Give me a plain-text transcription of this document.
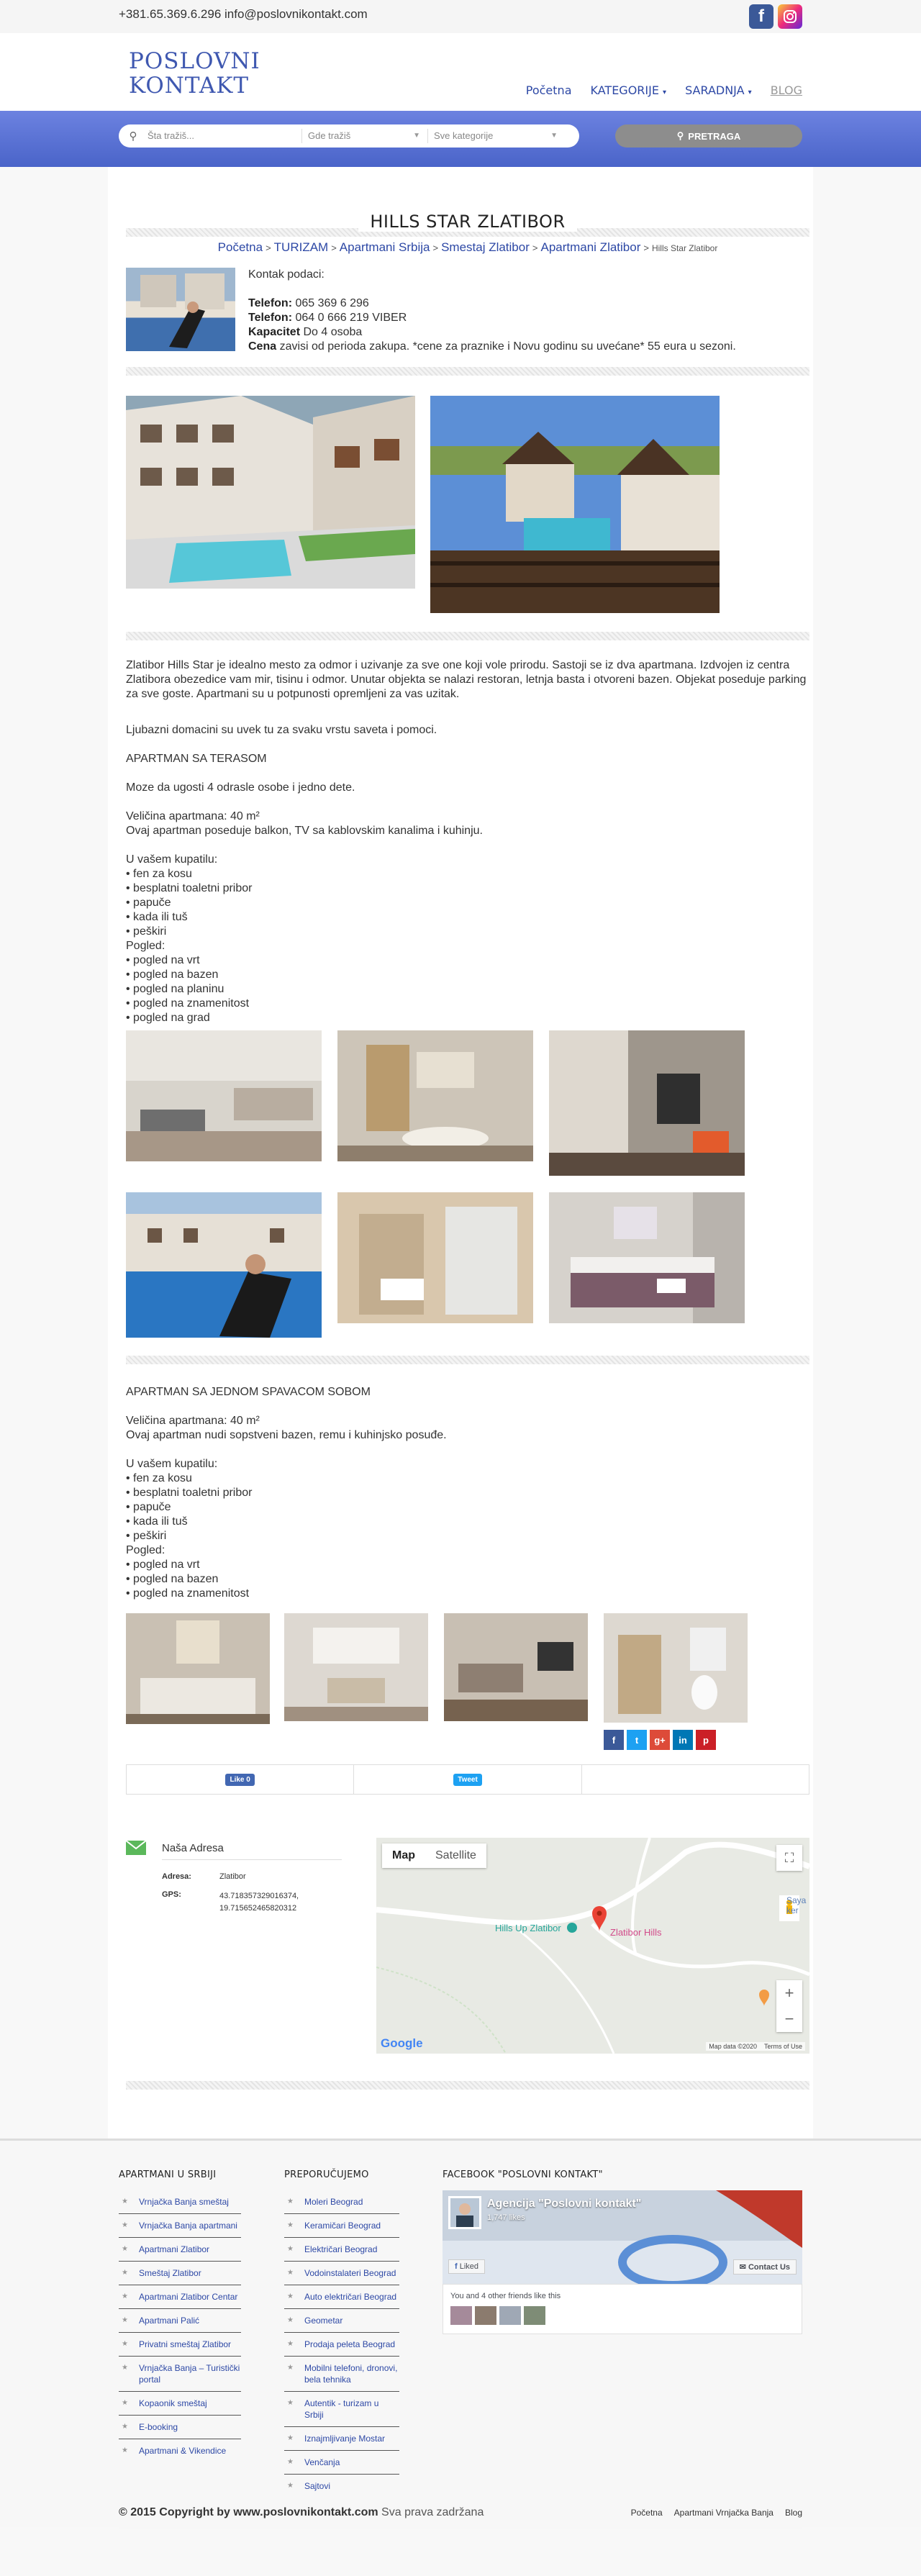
+381.65.369.6.296 info@poslovnikontakt.com	f
POSLOVNI
KONTAKT	Početna KATEGORIJE ▾ SARADNJA ▾ BLOG
⚲	Šta tražiš...	Gde tražiš	▼	Sve kategorije	▼	⚲ PRETRAGA
HILLS STAR ZLATIBOR
Početna > TURIZAM > Apartmani Srbija > Smestaj Zlatibor > Apartmani Zlatibor > Hills Star Zlatibor
Kontak podaci:
Telefon: 065 369 6 296
Telefon: 064 0 666 219 VIBER
Kapacitet Do 4 osoba
Cena zavisi od perioda zakupa. *cene za praznike i Novu godinu su uvećane* 55 eura u sezoni.
Zlatibor Hills Star je idealno mesto za odmor i uzivanje za sve one koji vole prirodu. Sastoji se iz dva apartmana. Izdvojen iz centra Zlatibora obezedice vam mir, tisinu i odmor. Unutar objekta se nalazi restoran, letnja basta i otvoreni bazen. Objekat poseduje parking za sve goste. Apartmani su u potpunosti opremljeni za vas uzitak.
Ljubazni domacini su uvek tu za svaku vrstu saveta i pomoci.
APARTMAN SA TERASOM
Moze da ugosti 4 odrasle osobe i jedno dete.
Veličina apartmana: 40 m²
Ovaj apartman poseduje balkon, TV sa kablovskim kanalima i kuhinju.
U vašem kupatilu:
• fen za kosu
• besplatni toaletni pribor
• papuče
• kada ili tuš
• peškiri
Pogled:
• pogled na vrt
• pogled na bazen
• pogled na planinu
• pogled na znamenitost
• pogled na grad
APARTMAN SA JEDNOM SPAVACOM SOBOM
Veličina apartmana: 40 m²
Ovaj apartman nudi sopstveni bazen, remu i kuhinjsko posuđe.
U vašem kupatilu:
• fen za kosu
• besplatni toaletni pribor
• papuče
• kada ili tuš
• peškiri
Pogled:
• pogled na vrt
• pogled na bazen
• pogled na znamenitost
f	t	g+	in	p
Like 0	Tweet
Naša Adresa
Adresa:	Zlatibor
GPS:	43.718357329016374, 19.715652465820312
Map	Satellite	⛶
+
−
Hills Up Zlatibor	Zlatibor Hills
Saya ker
Google	Map data ©2020 Terms of Use
APARTMANI U SRBIJI
★ Vrnjačka Banja smeštaj
★ Vrnjačka Banja apartmani
★ Apartmani Zlatibor
★ Smeštaj Zlatibor
★ Apartmani Zlatibor Centar
★ Apartmani Palić
★ Privatni smeštaj Zlatibor
★ Vrnjačka Banja – Turistički portal
★ Kopaonik smeštaj
★ E-booking
★ Apartmani & Vikendice
PREPORUČUJEMO
★ Moleri Beograd
★ Keramičari Beograd
★ Električari Beograd
★ Vodoinstalateri Beograd
★ Auto električari Beograd
★ Geometar
★ Prodaja peleta Beograd
★ Mobilni telefoni, dronovi, bela tehnika
★ Autentik - turizam u Srbiji
★ Iznajmljivanje Mostar
★ Venčanja
★ Sajtovi
FACEBOOK "POSLOVNI KONTAKT"
Agencija "Poslovni kontakt"
1,747 likes
f Liked	✉ Contact Us
You and 4 other friends like this
© 2015 Copyright by www.poslovnikontakt.com Sva prava zadržana	Početna Apartmani Vrnjačka Banja Blog
